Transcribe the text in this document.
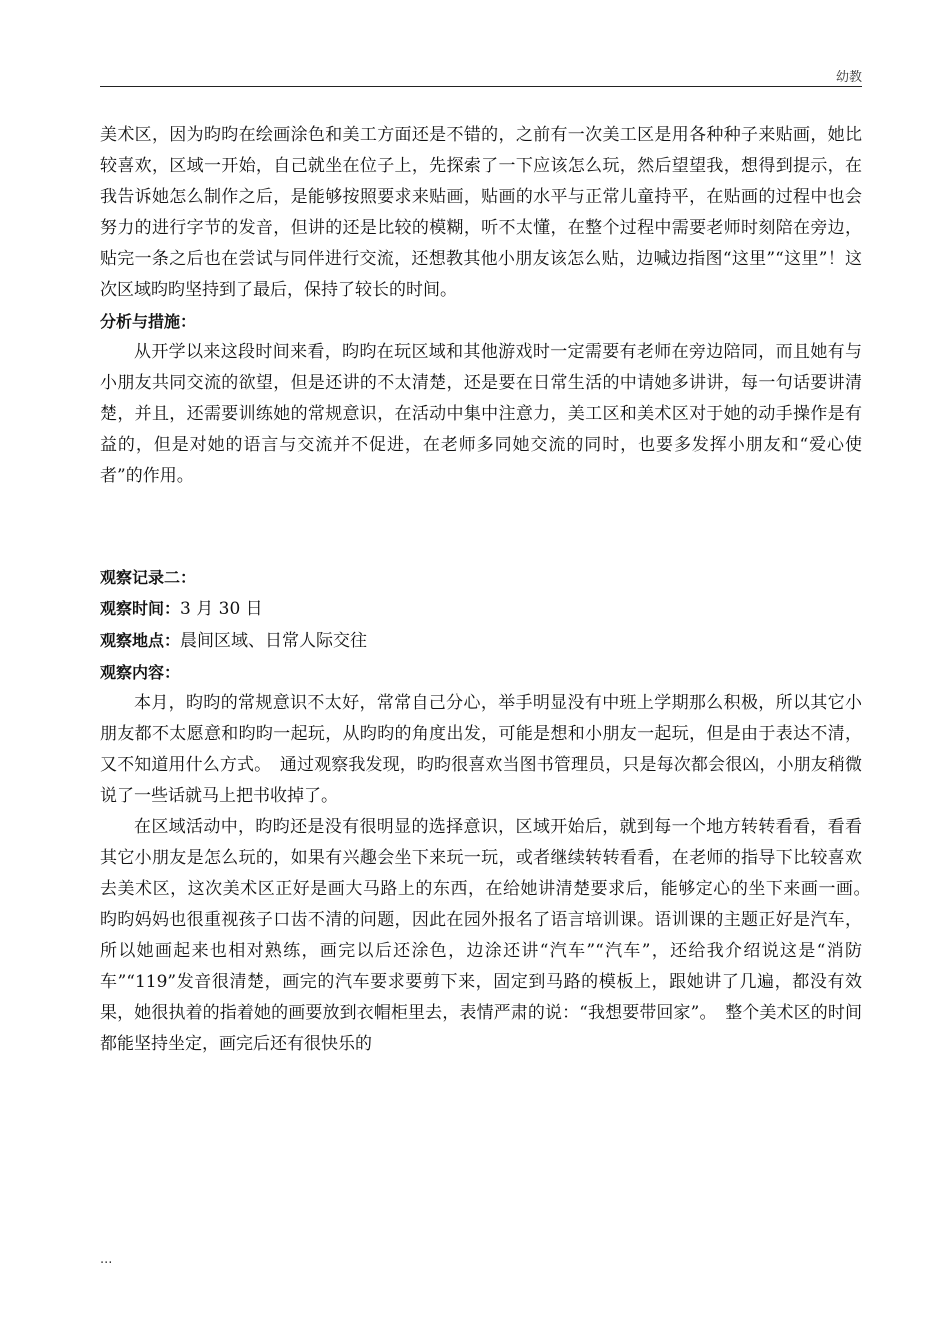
幼教

美术区，因为昀昀在绘画涂色和美工方面还是不错的，之前有一次美工区是用各种种子来贴画，她比较喜欢，区域一开始，自己就坐在位子上，先探索了一下应该怎么玩，然后望望我，想得到提示，在我告诉她怎么制作之后，是能够按照要求来贴画，贴画的水平与正常儿童持平，在贴画的过程中也会努力的进行字节的发音，但讲的还是比较的模糊，听不太懂，在整个过程中需要老师时刻陪在旁边，贴完一条之后也在尝试与同伴进行交流，还想教其他小朋友该怎么贴，边喊边指图“这里”“这里”！这次区域昀昀坚持到了最后，保持了较长的时间。

分析与措施：

从开学以来这段时间来看，昀昀在玩区域和其他游戏时一定需要有老师在旁边陪同，而且她有与小朋友共同交流的欲望，但是还讲的不太清楚，还是要在日常生活的中请她多讲讲，每一句话要讲清楚，并且，还需要训练她的常规意识，在活动中集中注意力，美工区和美术区对于她的动手操作是有益的，但是对她的语言与交流并不促进，在老师多同她交流的同时，也要多发挥小朋友和“爱心使者”的作用。

观察记录二：

观察时间：3 月 30 日

观察地点：晨间区域、日常人际交往

观察内容：

本月，昀昀的常规意识不太好，常常自己分心，举手明显没有中班上学期那么积极，所以其它小朋友都不太愿意和昀昀一起玩，从昀昀的角度出发，可能是想和小朋友一起玩，但是由于表达不清，又不知道用什么方式。　通过观察我发现，昀昀很喜欢当图书管理员，只是每次都会很凶，小朋友稍微说了一些话就马上把书收掉了。

在区域活动中，昀昀还是没有很明显的选择意识，区域开始后，就到每一个地方转转看看，看看其它小朋友是怎么玩的，如果有兴趣会坐下来玩一玩，或者继续转转看看，在老师的指导下比较喜欢去美术区，这次美术区正好是画大马路上的东西，在给她讲清楚要求后，能够定心的坐下来画一画。　昀昀妈妈也很重视孩子口齿不清的问题，因此在园外报名了语言培训课。语训课的主题正好是汽车，所以她画起来也相对熟练，画完以后还涂色，边涂还讲“汽车”“汽车”，还给我介绍说这是“消防车”“119”发音很清楚，画完的汽车要求要剪下来，固定到马路的模板上，跟她讲了几遍，都没有效果，她很执着的指着她的画要放到衣帽柜里去，表情严肃的说：“我想要带回家”。　整个美术区的时间都能坚持坐定，画完后还有很快乐的

...
